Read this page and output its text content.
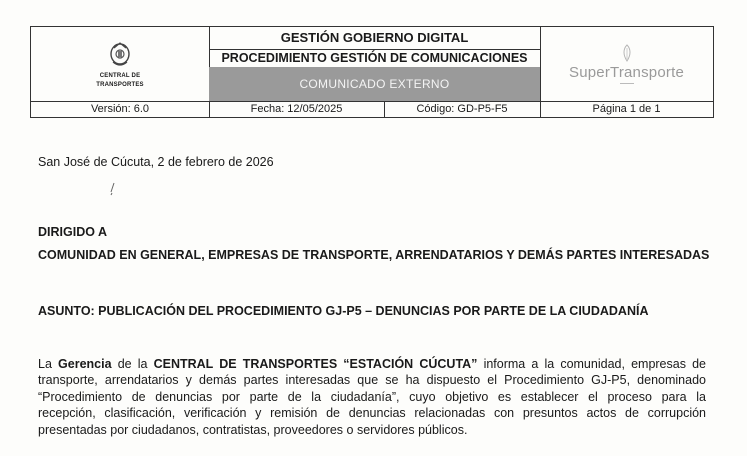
CENTRAL DE
TRANSPORTES
GESTIÓN GOBIERNO DIGITAL
PROCEDIMIENTO GESTIÓN DE COMUNICACIONES
COMUNICADO EXTERNO
SuperTransporte
Versión: 6.0	Fecha: 12/05/2025	Código: GD-P5-F5	Página 1 de 1
San José de Cúcuta, 2 de febrero de 2026
DIRIGIDO A
COMUNIDAD EN GENERAL, EMPRESAS DE TRANSPORTE, ARRENDATARIOS Y DEMÁS PARTES INTERESADAS
ASUNTO: PUBLICACIÓN DEL PROCEDIMIENTO GJ-P5 – DENUNCIAS POR PARTE DE LA CIUDADANÍA
La Gerencia de la CENTRAL DE TRANSPORTES “ESTACIÓN CÚCUTA” informa a la comunidad, empresas de
transporte, arrendatarios y demás partes interesadas que se ha dispuesto el Procedimiento GJ-P5, denominado
“Procedimiento de denuncias por parte de la ciudadanía”, cuyo objetivo es establecer el proceso para la
recepción, clasificación, verificación y remisión de denuncias relacionadas con presuntos actos de corrupción
presentadas por ciudadanos, contratistas, proveedores o servidores públicos.
